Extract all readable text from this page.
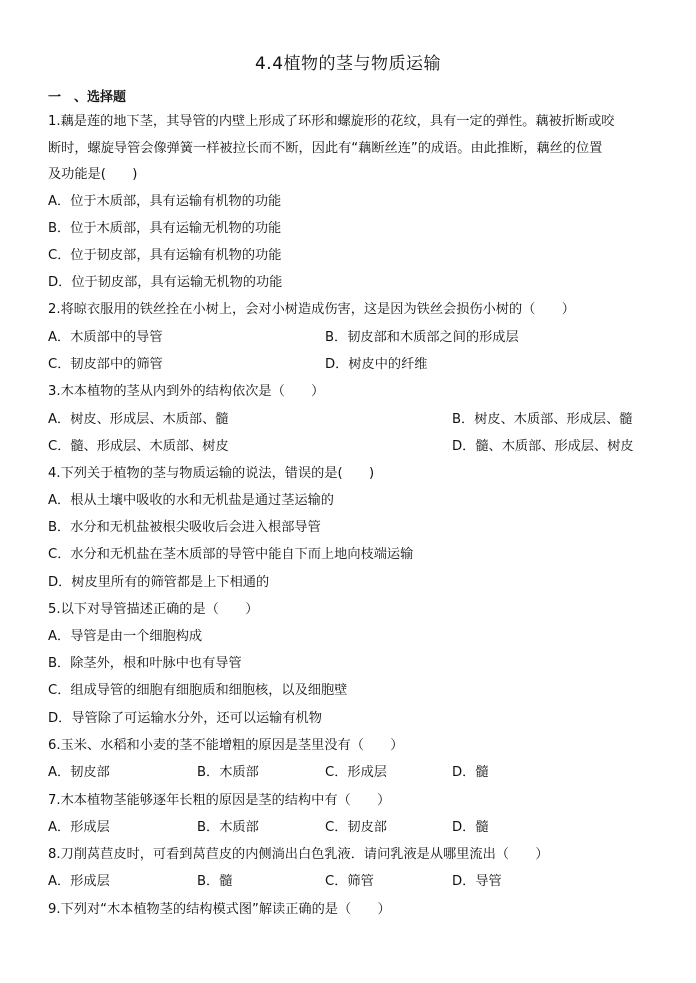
4.4植物的茎与物质运输
一　、选择题
1.藕是莲的地下茎，其导管的内壁上形成了环形和螺旋形的花纹，具有一定的弹性。藕被折断或咬
断时，螺旋导管会像弹簧一样被拉长而不断，因此有“藕断丝连”的成语。由此推断，藕丝的位置
及功能是(　　)
A．位于木质部，具有运输有机物的功能
B．位于木质部，具有运输无机物的功能
C．位于韧皮部，具有运输有机物的功能
D．位于韧皮部，具有运输无机物的功能
2.将晾衣服用的铁丝拴在小树上，会对小树造成伤害，这是因为铁丝会损伤小树的（　　）
A．木质部中的导管	B．韧皮部和木质部之间的形成层
C．韧皮部中的筛管	D．树皮中的纤维
3.木本植物的茎从内到外的结构依次是（　　）
A．树皮、形成层、木质部、髓	B．树皮、木质部、形成层、髓
C．髓、形成层、木质部、树皮	D．髓、木质部、形成层、树皮
4.下列关于植物的茎与物质运输的说法，错误的是(　　)
A．根从土壤中吸收的水和无机盐是通过茎运输的
B．水分和无机盐被根尖吸收后会进入根部导管
C．水分和无机盐在茎木质部的导管中能自下而上地向枝端运输
D．树皮里所有的筛管都是上下相通的
5.以下对导管描述正确的是（　　）
A．导管是由一个细胞构成
B．除茎外，根和叶脉中也有导管
C．组成导管的细胞有细胞质和细胞核，以及细胞壁
D．导管除了可运输水分外，还可以运输有机物
6.玉米、水稻和小麦的茎不能增粗的原因是茎里没有（　　）
A．韧皮部	B．木质部	C．形成层	D．髓
7.木本植物茎能够逐年长粗的原因是茎的结构中有（　　）
A．形成层	B．木质部	C．韧皮部	D．髓
8.刀削莴苣皮时，可看到莴苣皮的内侧淌出白色乳液．请问乳液是从哪里流出（　　）
A．形成层	B．髓	C．筛管	D．导管
9.下列对“木本植物茎的结构模式图”解读正确的是（　　）
